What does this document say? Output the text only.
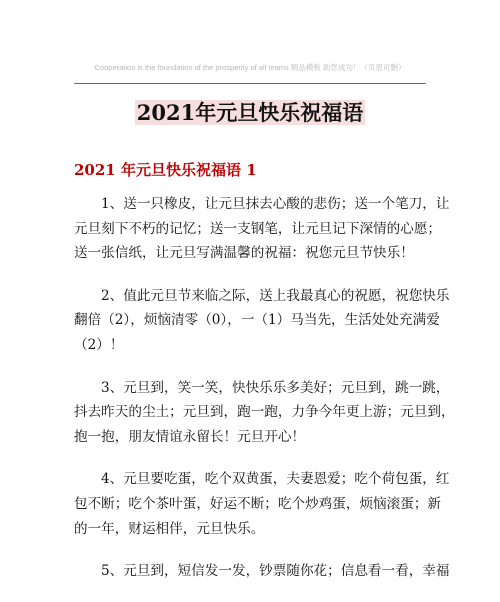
Cooperation is the foundation of the prosperity of all teams 精品模板 助您成功！（页眉可删）
2021年元旦快乐祝福语
2021 年元旦快乐祝福语 1
1、送一只橡皮，让元旦抹去心酸的悲伤；送一个笔刀，让
元旦刻下不朽的记忆；送一支钢笔，让元旦记下深情的心愿；
送一张信纸，让元旦写满温馨的祝福：祝您元旦节快乐！
2、值此元旦节来临之际，送上我最真心的祝愿，祝您快乐
翻倍（2），烦恼清零（0），一（1）马当先，生活处处充满爱
（2）！
3、元旦到，笑一笑，快快乐乐多美好；元旦到，跳一跳，
抖去昨天的尘土；元旦到，跑一跑，力争今年更上游；元旦到，
抱一抱，朋友情谊永留长！元旦开心！
4、元旦要吃蛋，吃个双黄蛋，夫妻恩爱；吃个荷包蛋，红
包不断；吃个茶叶蛋，好运不断；吃个炒鸡蛋，烦恼滚蛋；新
的一年，财运相伴，元旦快乐。
5、元旦到，短信发一发，钞票随你花；信息看一看，幸福
